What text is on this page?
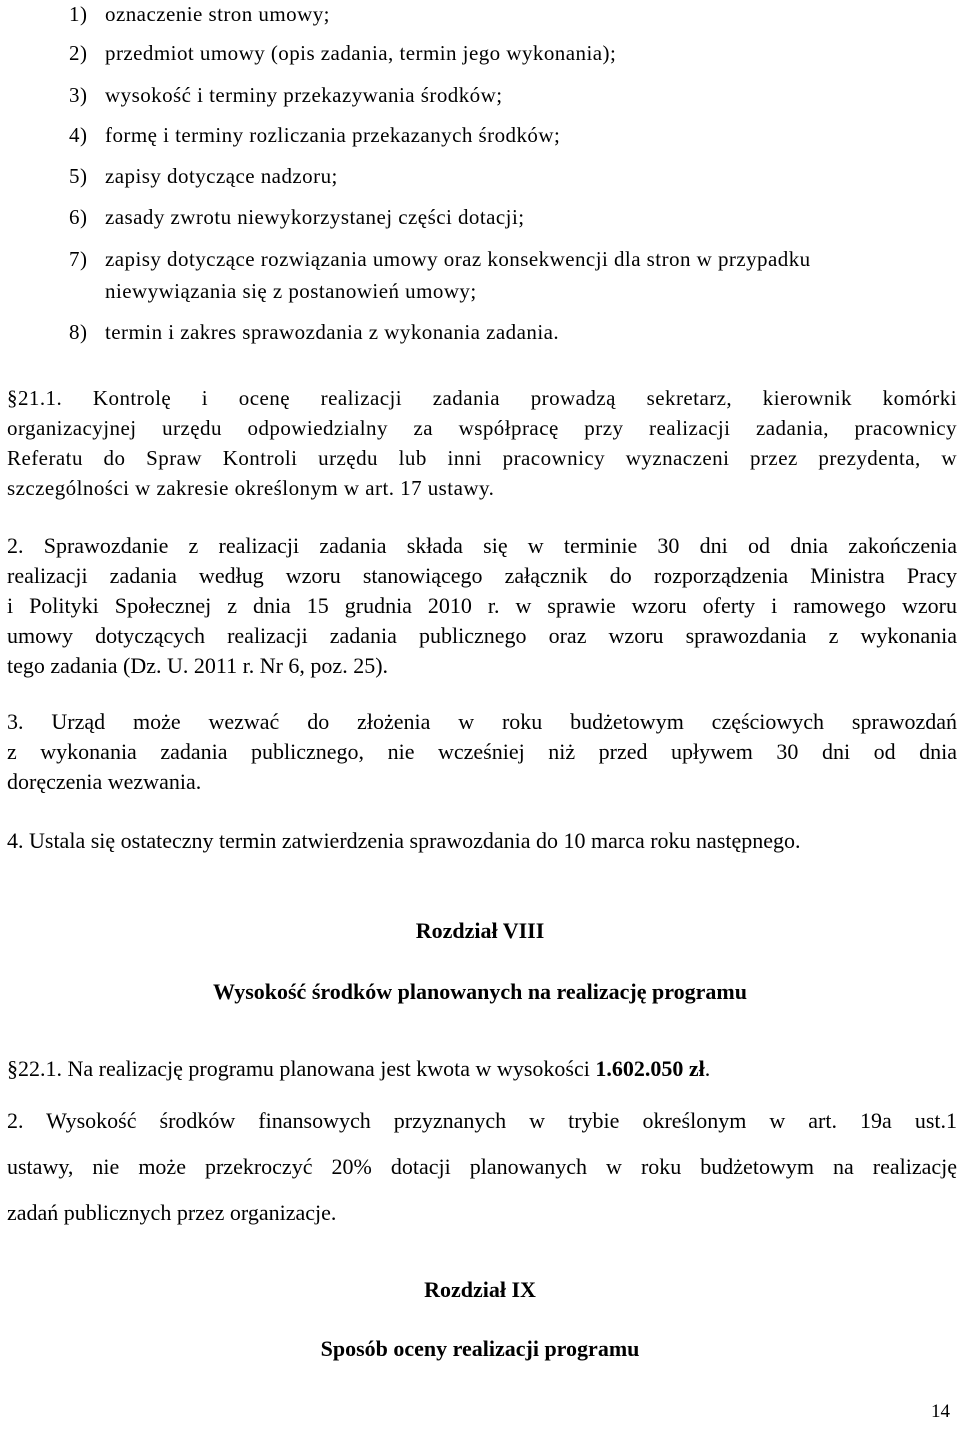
1) oznaczenie stron umowy;
2) przedmiot umowy (opis zadania, termin jego wykonania);
3) wysokość i terminy przekazywania środków;
4) formę i terminy rozliczania przekazanych środków;
5) zapisy dotyczące nadzoru;
6) zasady zwrotu niewykorzystanej części dotacji;
7) zapisy dotyczące rozwiązania umowy oraz konsekwencji dla stron w przypadku
niewywiązania się z postanowień umowy;
8) termin i zakres sprawozdania z wykonania zadania.
§21.1. Kontrolę i ocenę realizacji zadania prowadzą sekretarz, kierownik komórki
organizacyjnej urzędu odpowiedzialny za współpracę przy realizacji zadania, pracownicy
Referatu do Spraw Kontroli urzędu lub inni pracownicy wyznaczeni przez prezydenta, w
szczególności w zakresie określonym w art. 17 ustawy.
2. Sprawozdanie z realizacji zadania składa się w terminie 30 dni od dnia zakończenia
realizacji zadania według wzoru stanowiącego załącznik do rozporządzenia Ministra Pracy
i Polityki Społecznej z dnia 15 grudnia 2010 r. w sprawie wzoru oferty i ramowego wzoru
umowy dotyczących realizacji zadania publicznego oraz wzoru sprawozdania z wykonania
tego zadania (Dz. U. 2011 r. Nr 6, poz. 25).
3. Urząd może wezwać do złożenia w roku budżetowym częściowych sprawozdań
z wykonania zadania publicznego, nie wcześniej niż przed upływem 30 dni od dnia
doręczenia wezwania.
4. Ustala się ostateczny termin zatwierdzenia sprawozdania do 10 marca roku następnego.
Rozdział VIII
Wysokość środków planowanych na realizację programu
§22.1. Na realizację programu planowana jest kwota w wysokości 1.602.050 zł.
2. Wysokość środków finansowych przyznanych w trybie określonym w art. 19a ust.1
ustawy, nie może przekroczyć 20% dotacji planowanych w roku budżetowym na realizację
zadań publicznych przez organizacje.
Rozdział IX
Sposób oceny realizacji programu
14
